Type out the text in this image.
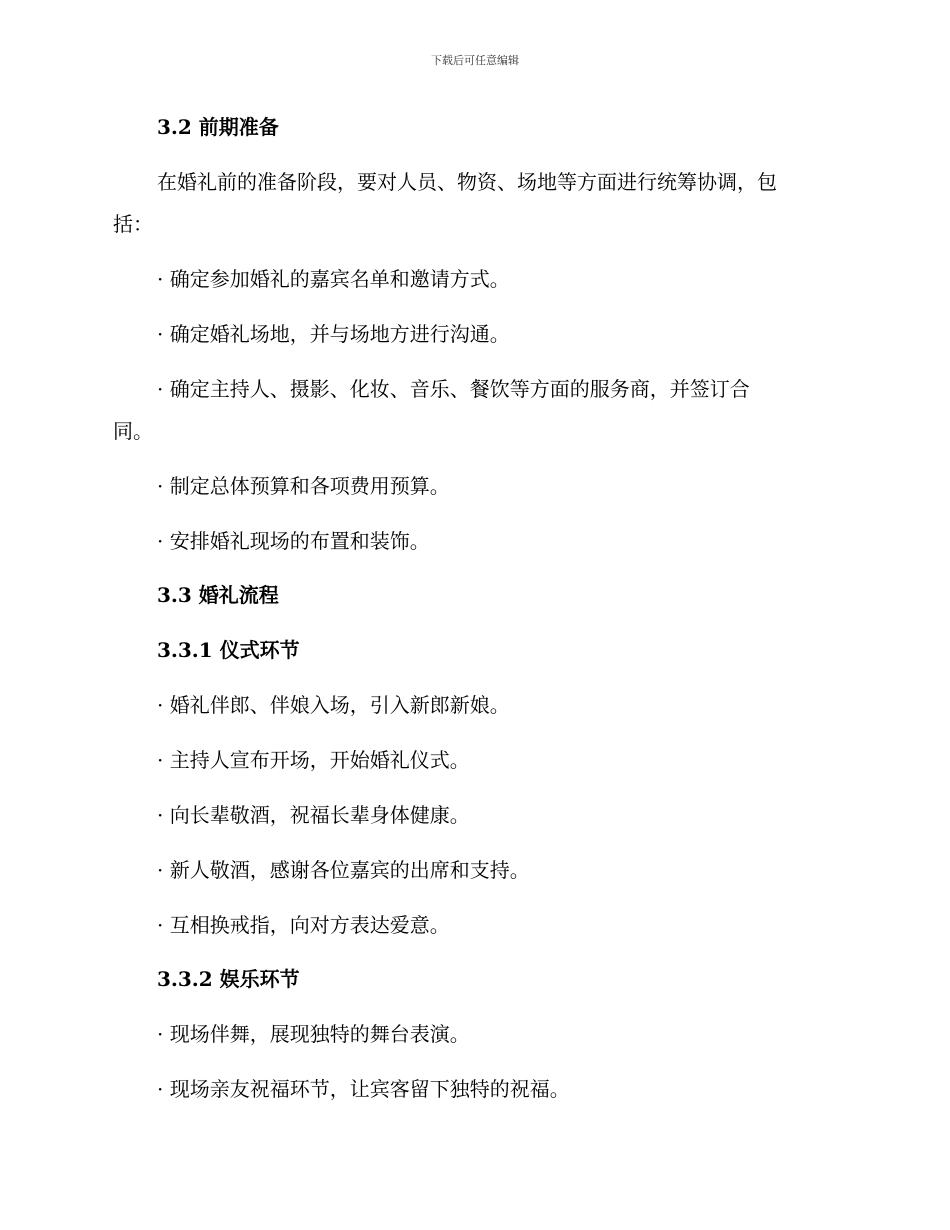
下载后可任意编辑
3.2 前期准备
在婚礼前的准备阶段，要对人员、物资、场地等方面进行统筹协调，包
括：
· 确定参加婚礼的嘉宾名单和邀请方式。
· 确定婚礼场地，并与场地方进行沟通。
· 确定主持人、摄影、化妆、音乐、餐饮等方面的服务商，并签订合
同。
· 制定总体预算和各项费用预算。
· 安排婚礼现场的布置和装饰。
3.3 婚礼流程
3.3.1 仪式环节
· 婚礼伴郎、伴娘入场，引入新郎新娘。
· 主持人宣布开场，开始婚礼仪式。
· 向长辈敬酒，祝福长辈身体健康。
· 新人敬酒，感谢各位嘉宾的出席和支持。
· 互相换戒指，向对方表达爱意。
3.3.2 娱乐环节
· 现场伴舞，展现独特的舞台表演。
· 现场亲友祝福环节，让宾客留下独特的祝福。
